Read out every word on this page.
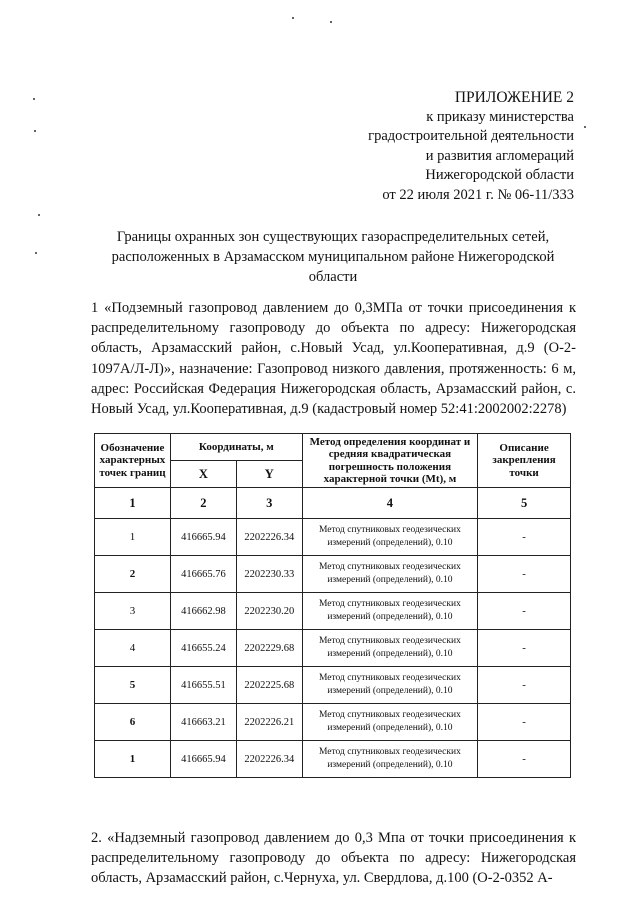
ПРИЛОЖЕНИЕ 2
к приказу министерства
градостроительной деятельности
и развития агломераций
Нижегородской области
от 22 июля 2021 г. № 06-11/333
Границы охранных зон существующих газораспределительных сетей, расположенных в Арзамасском муниципальном районе Нижегородской области
1 «Подземный газопровод давлением до 0,3МПа от точки присоединения к распределительному газопроводу до объекта по адресу: Нижегородская область, Арзамасский район, с.Новый Усад, ул.Кооперативная, д.9 (О-2-1097А/Л-Л)», назначение: Газопровод низкого давления, протяженность: 6 м, адрес: Российская Федерация Нижегородская область, Арзамасский район, с. Новый Усад, ул.Кооперативная, д.9 (кадастровый номер 52:41:2002002:2278)
Обозначение характерных точек границ	Координаты, м		Метод определения координат и средняя квадратическая погрешность положения характерной точки (Mt), м	Описание закрепления точки
	X	Y		
1	2	3	4	5
1	416665.94	2202226.34	Метод спутниковых геодезических измерений (определений), 0.10	-
2	416665.76	2202230.33	Метод спутниковых геодезических измерений (определений), 0.10	-
3	416662.98	2202230.20	Метод спутниковых геодезических измерений (определений), 0.10	-
4	416655.24	2202229.68	Метод спутниковых геодезических измерений (определений), 0.10	-
5	416655.51	2202225.68	Метод спутниковых геодезических измерений (определений), 0.10	-
6	416663.21	2202226.21	Метод спутниковых геодезических измерений (определений), 0.10	-
1	416665.94	2202226.34	Метод спутниковых геодезических измерений (определений), 0.10	-
2. «Надземный газопровод давлением до 0,3 Мпа от точки присоединения к распределительному газопроводу до объекта по адресу: Нижегородская область, Арзамасский район, с.Чернуха, ул. Свердлова, д.100 (О-2-0352 А-
